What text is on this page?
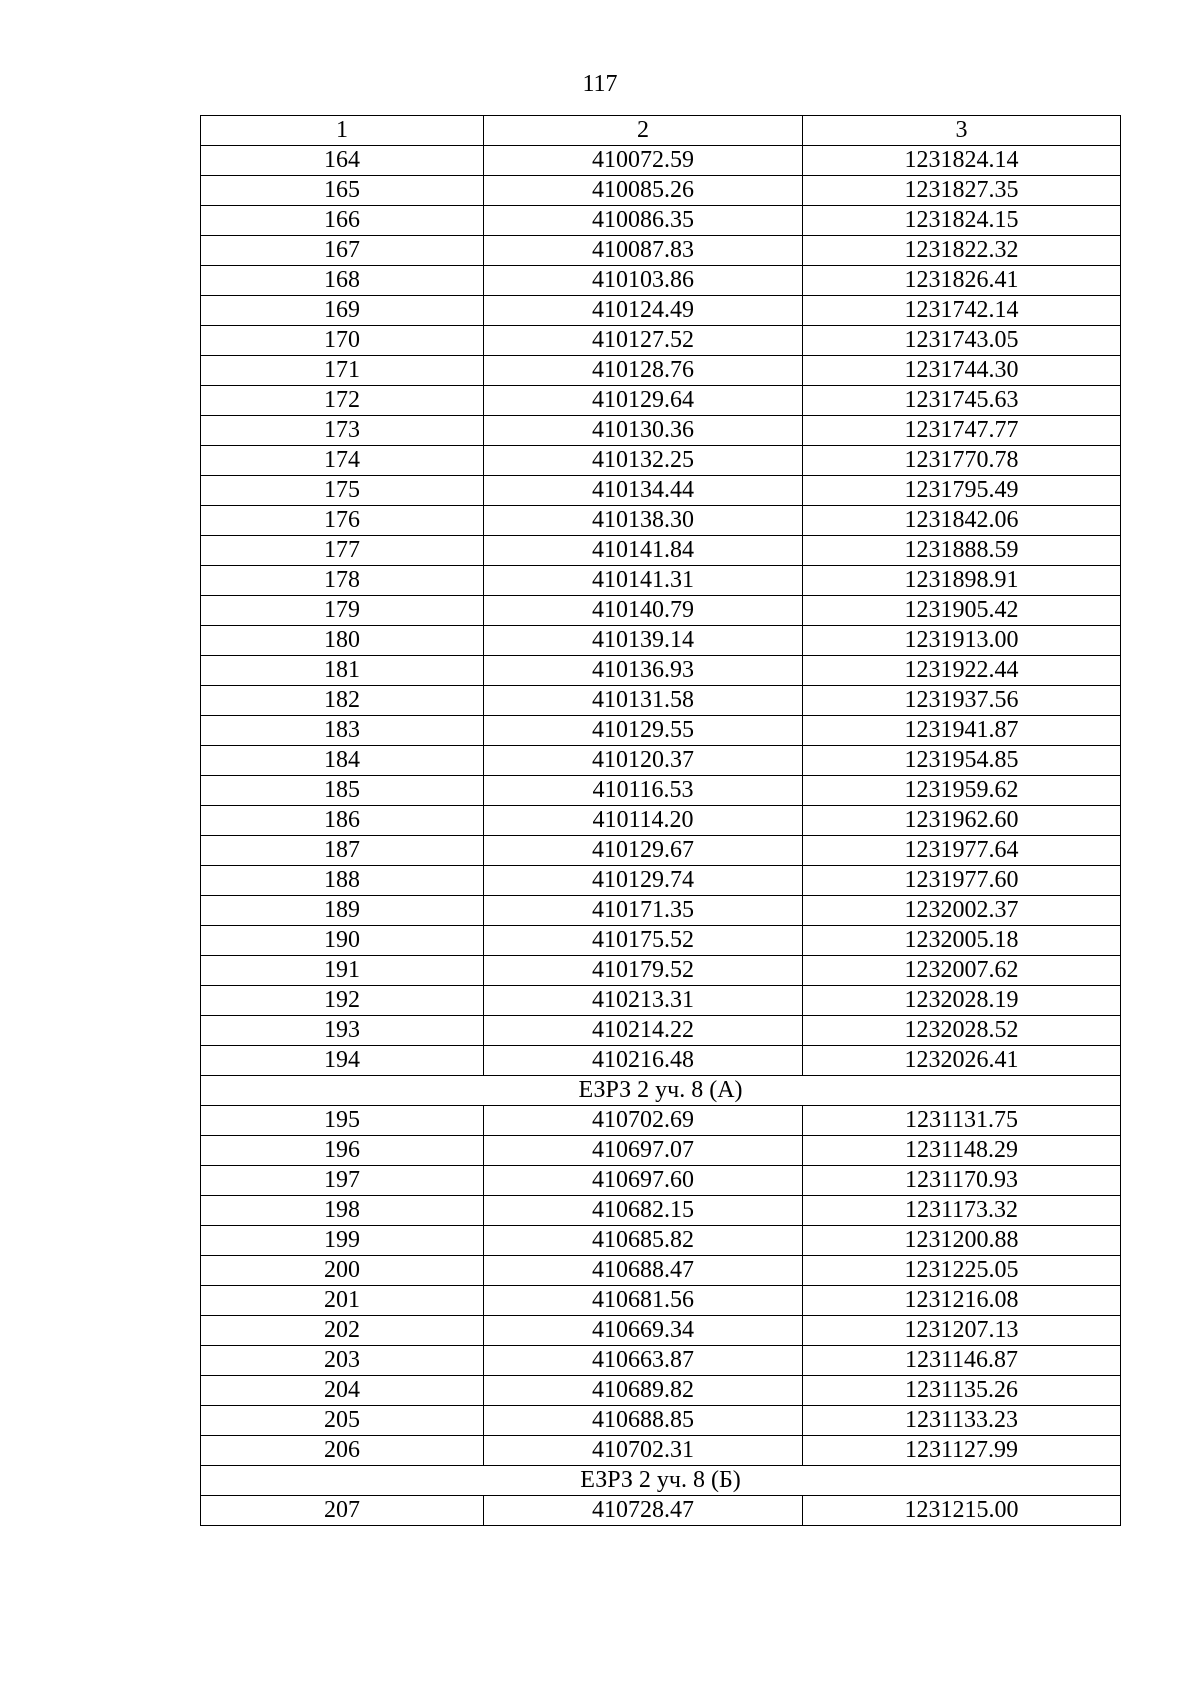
117
1	2	3
164	410072.59	1231824.14
165	410085.26	1231827.35
166	410086.35	1231824.15
167	410087.83	1231822.32
168	410103.86	1231826.41
169	410124.49	1231742.14
170	410127.52	1231743.05
171	410128.76	1231744.30
172	410129.64	1231745.63
173	410130.36	1231747.77
174	410132.25	1231770.78
175	410134.44	1231795.49
176	410138.30	1231842.06
177	410141.84	1231888.59
178	410141.31	1231898.91
179	410140.79	1231905.42
180	410139.14	1231913.00
181	410136.93	1231922.44
182	410131.58	1231937.56
183	410129.55	1231941.87
184	410120.37	1231954.85
185	410116.53	1231959.62
186	410114.20	1231962.60
187	410129.67	1231977.64
188	410129.74	1231977.60
189	410171.35	1232002.37
190	410175.52	1232005.18
191	410179.52	1232007.62
192	410213.31	1232028.19
193	410214.22	1232028.52
194	410216.48	1232026.41
ЕЗРЗ 2 уч. 8 (А)		
195	410702.69	1231131.75
196	410697.07	1231148.29
197	410697.60	1231170.93
198	410682.15	1231173.32
199	410685.82	1231200.88
200	410688.47	1231225.05
201	410681.56	1231216.08
202	410669.34	1231207.13
203	410663.87	1231146.87
204	410689.82	1231135.26
205	410688.85	1231133.23
206	410702.31	1231127.99
ЕЗРЗ 2 уч. 8 (Б)		
207	410728.47	1231215.00
